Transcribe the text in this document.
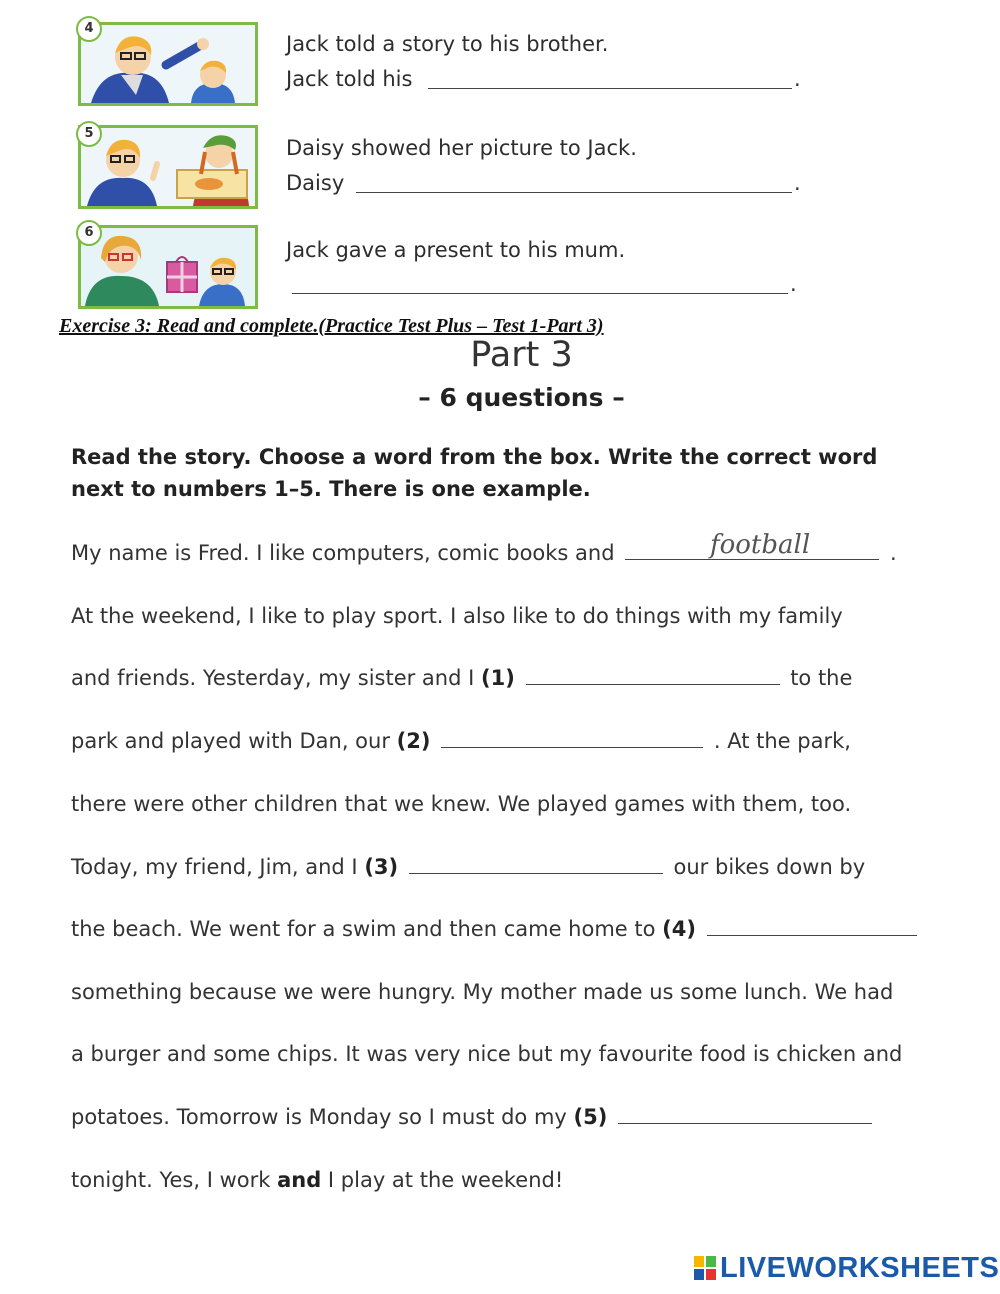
4
Jack told a story to his brother.
Jack told his	.
5
Daisy showed her picture to Jack.
Daisy	.
6
Jack gave a present to his mum.
.
Exercise 3: Read and complete.(Practice Test Plus – Test 1-Part 3)
Part 3
– 6 questions –
Read the story. Choose a word from the box. Write the correct word
next to numbers 1–5. There is one example.
My name is Fred. I like computers, comic books and	.
football
At the weekend, I like to play sport. I also like to do things with my family
and friends. Yesterday, my sister and I (1)	to the
park and played with Dan, our (2)	. At the park,
there were other children that we knew. We played games with them, too.
Today, my friend, Jim, and I (3)	our bikes down by
the beach. We went for a swim and then came home to (4)
something because we were hungry. My mother made us some lunch. We had
a burger and some chips. It was very nice but my favourite food is chicken and
potatoes. Tomorrow is Monday so I must do my (5)
tonight. Yes, I work and I play at the weekend!
LIVEWORKSHEETS
